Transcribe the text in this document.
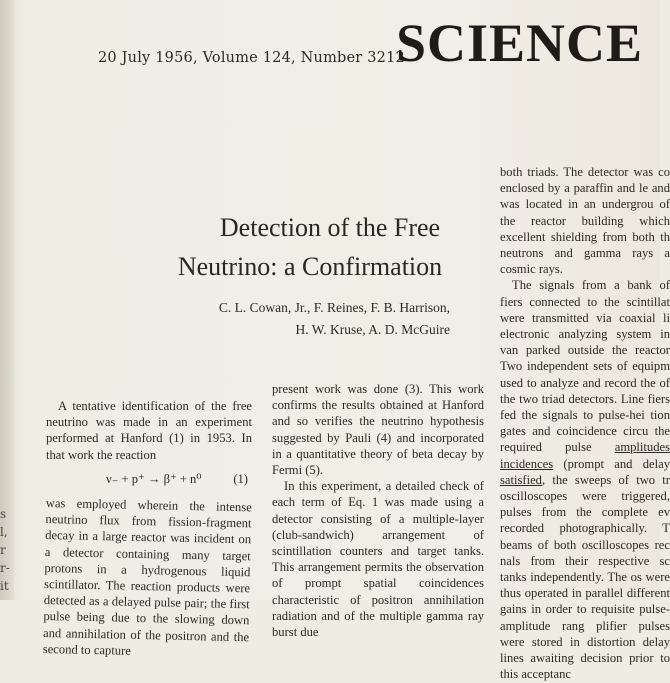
s
l,
r
r-
it
20 July 1956, Volume 124, Number 3212
SCIENCE
Detection of the Free
Neutrino: a Confirmation
C. L. Cowan, Jr., F. Reines, F. B. Harrison,
H. W. Kruse, A. D. McGuire

A tentative identification of the free neutrino was made in an experiment performed at Hanford (1) in 1953. In that work the reaction

ν₋ + p⁺ → β⁺ + n⁰	(1)

was employed wherein the intense neutrino flux from fission-fragment decay in a large reactor was incident on a detector containing many target protons in a hydrogenous liquid scintillator. The reaction products were detected as a delayed pulse pair; the first pulse being due to the slowing down and annihilation of the positron and the second to capture

present work was done (3). This work confirms the results obtained at Hanford and so verifies the neutrino hypothesis suggested by Pauli (4) and incorporated in a quantitative theory of beta decay by Fermi (5).

In this experiment, a detailed check of each term of Eq. 1 was made using a detector consisting of a multiple-layer (club-sandwich) arrangement of scintillation counters and target tanks. This arrangement permits the observation of prompt spatial coincidences characteristic of positron annihilation radiation and of the multiple gamma ray burst due

both triads. The detector was co enclosed by a paraffin and le and was located in an undergrou of the reactor building which excellent shielding from both th neutrons and gamma rays a cosmic rays.

The signals from a bank of fiers connected to the scintillat were transmitted via coaxial li electronic analyzing system in van parked outside the reactor Two independent sets of equipm used to analyze and record the of the two triad detectors. Line fiers fed the signals to pulse-hei tion gates and coincidence circu the required pulse amplitudes incidences (prompt and delay satisfied, the sweeps of two tr oscilloscopes were triggered, pulses from the complete ev recorded photographically. T beams of both oscilloscopes rec nals from their respective sc tanks independently. The os were thus operated in parallel different gains in order to requisite pulse-amplitude rang plifier pulses were stored in distortion delay lines awaiting decision prior to this acceptanc
